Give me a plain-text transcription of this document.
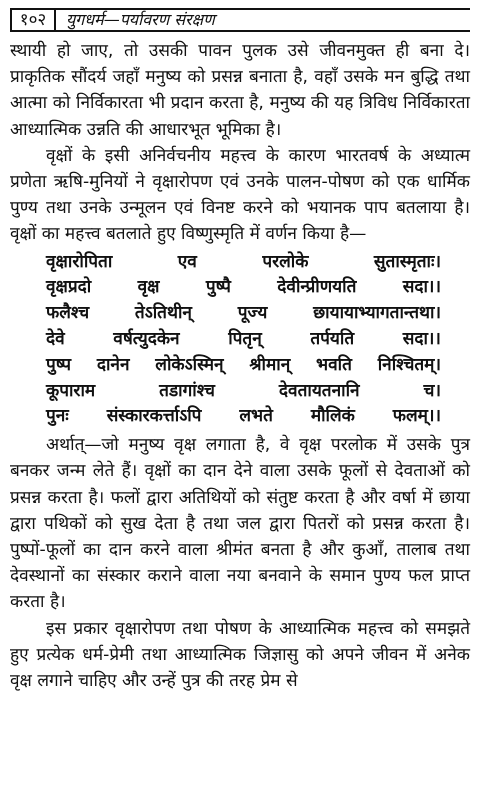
१०२	युगधर्म—पर्यावरण संरक्षण

स्थायी हो जाए, तो उसकी पावन पुलक उसे जीवनमुक्त ही बना दे। प्राकृतिक सौंदर्य जहाँ मनुष्य को प्रसन्न बनाता है, वहाँ उसके मन बुद्धि तथा आत्मा को निर्विकारता भी प्रदान करता है, मनुष्य की यह त्रिविध निर्विकारता आध्यात्मिक उन्नति की आधारभूत भूमिका है।

वृक्षों के इसी अनिर्वचनीय महत्त्व के कारण भारतवर्ष के अध्यात्म प्रणेता ऋषि-मुनियों ने वृक्षारोपण एवं उनके पालन-पोषण को एक धार्मिक पुण्य तथा उनके उन्मूलन एवं विनष्ट करने को भयानक पाप बतलाया है। वृक्षों का महत्त्व बतलाते हुए विष्णुस्मृति में वर्णन किया है—

वृक्षारोपिता	एव	परलोके	सुतास्मृताः।
वृक्षप्रदो	वृक्ष	पुष्पै	देवीन्प्रीणयति	सदा।।
फलैश्च	तेऽतिथीन्	पूज्य	छायायाभ्यागतान्तथा।
देवे	वर्षत्युदकेन	पितृन्	तर्पयति	सदा।।
पुष्प दानेन लोकेऽस्मिन् श्रीमान् भवति निश्चितम्।
कूपाराम	तडागांश्च	देवतायतनानि	च।
पुनः संस्कारकर्त्ताऽपि लभते मौलिकं फलम्।।

अर्थात्—जो मनुष्य वृक्ष लगाता है, वे वृक्ष परलोक में उसके पुत्र बनकर जन्म लेते हैं। वृक्षों का दान देने वाला उसके फूलों से देवताओं को प्रसन्न करता है। फलों द्वारा अतिथियों को संतुष्ट करता है और वर्षा में छाया द्वारा पथिकों को सुख देता है तथा जल द्वारा पितरों को प्रसन्न करता है। पुष्पों-फूलों का दान करने वाला श्रीमंत बनता है और कुआँ, तालाब तथा देवस्थानों का संस्कार कराने वाला नया बनवाने के समान पुण्य फल प्राप्त करता है।

इस प्रकार वृक्षारोपण तथा पोषण के आध्यात्मिक महत्त्व को समझते हुए प्रत्येक धर्म-प्रेमी तथा आध्यात्मिक जिज्ञासु को अपने जीवन में अनेक वृक्ष लगाने चाहिए और उन्हें पुत्र की तरह प्रेम से
